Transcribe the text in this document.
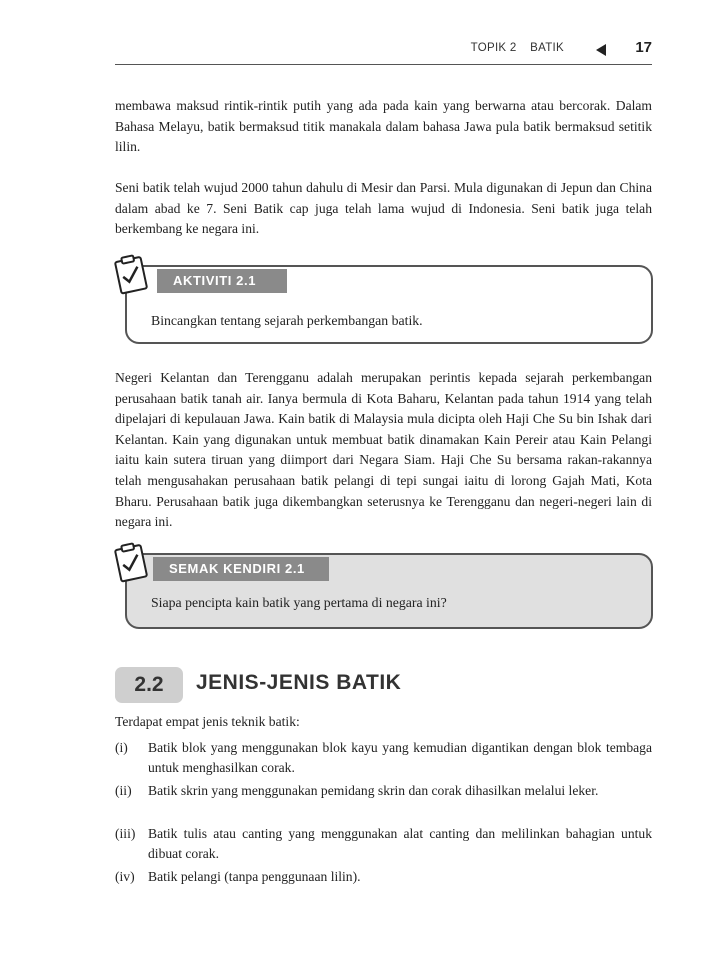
TOPIK 2 BATIK	17

membawa maksud rintik-rintik putih yang ada pada kain yang berwarna atau bercorak. Dalam Bahasa Melayu, batik bermaksud titik manakala dalam bahasa Jawa pula batik bermaksud setitik lilin.

Seni batik telah wujud 2000 tahun dahulu di Mesir dan Parsi. Mula digunakan di Jepun dan China dalam abad ke 7. Seni Batik cap juga telah lama wujud di Indonesia. Seni batik juga telah berkembang ke negara ini.

AKTIVITI 2.1
Bincangkan tentang sejarah perkembangan batik.

Negeri Kelantan dan Terengganu adalah merupakan perintis kepada sejarah perkembangan perusahaan batik tanah air. Ianya bermula di Kota Baharu, Kelantan pada tahun 1914 yang telah dipelajari di kepulauan Jawa. Kain batik di Malaysia mula dicipta oleh Haji Che Su bin Ishak dari Kelantan. Kain yang digunakan untuk membuat batik dinamakan Kain Pereir atau Kain Pelangi iaitu kain sutera tiruan yang diimport dari Negara Siam. Haji Che Su bersama rakan-rakannya telah mengusahakan perusahaan batik pelangi di tepi sungai iaitu di lorong Gajah Mati, Kota Bharu. Perusahaan batik juga dikembangkan seterusnya ke Terengganu dan negeri-negeri lain di negara ini.

SEMAK KENDIRI 2.1
Siapa pencipta kain batik yang pertama di negara ini?
2.2	JENIS-JENIS BATIK

Terdapat empat jenis teknik batik:

(i) Batik blok yang menggunakan blok kayu yang kemudian digantikan dengan blok tembaga untuk menghasilkan corak.
(ii) Batik skrin yang menggunakan pemidang skrin dan corak dihasilkan melalui leker.
(iii) Batik tulis atau canting yang menggunakan alat canting dan melilinkan bahagian untuk dibuat corak.
(iv) Batik pelangi (tanpa penggunaan lilin).
